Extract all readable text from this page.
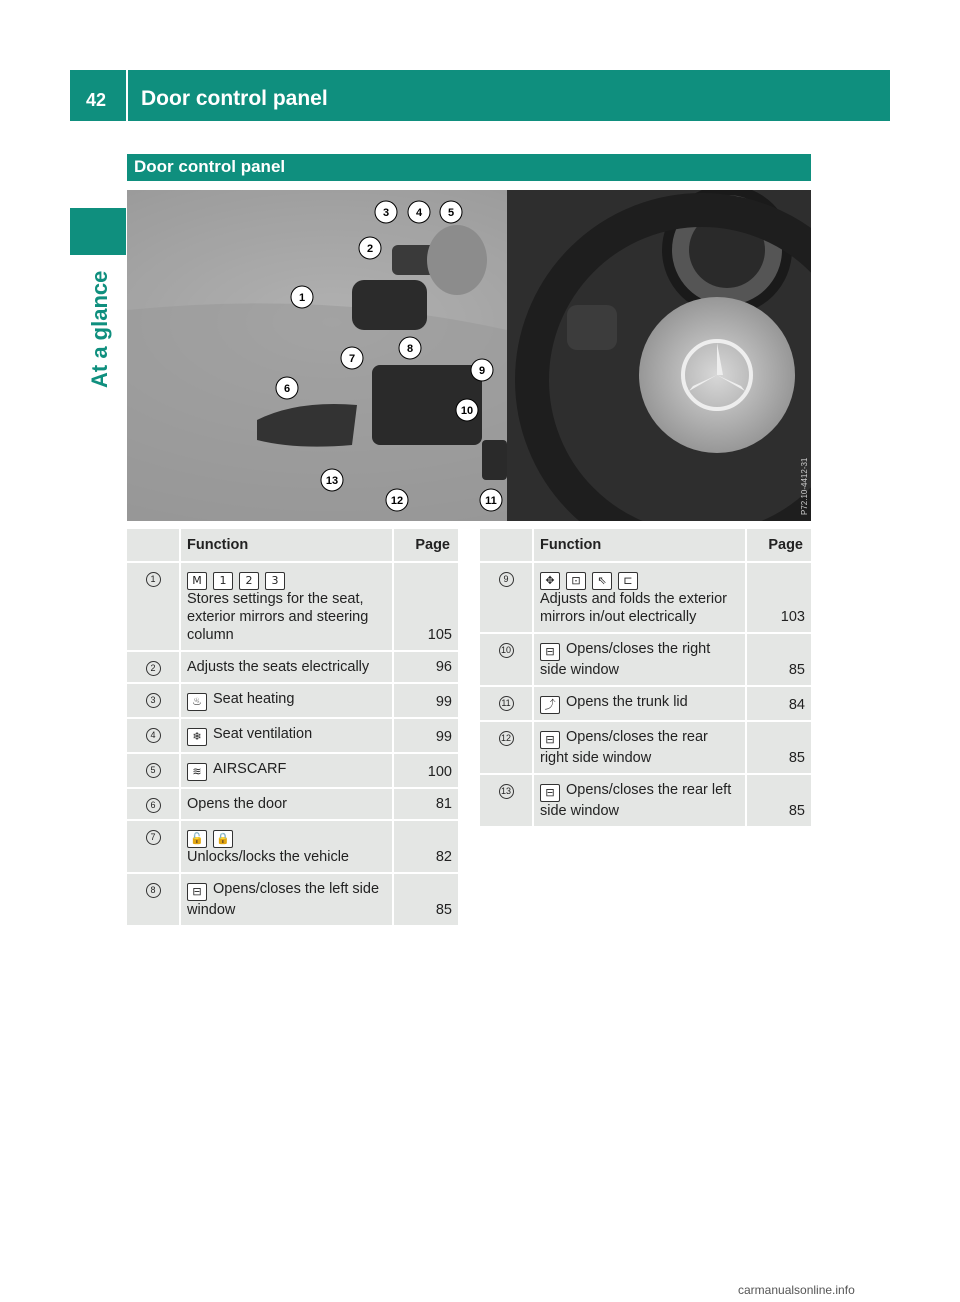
42 Door control panel
At a glance
Door control panel
1
2
3 4 5
6
7
8
9
10
11
12
13	P72.10-4412-31
	Function	Page
1	M 1 2 3
Stores settings for the seat, exterior mirrors and steering column	105
2	Adjusts the seats electrically	96
3	♨ Seat heating	99
4	❄ Seat ventilation	99
5	≋ AIRSCARF	100
6	Opens the door	81
7	🔓 🔒
Unlocks/locks the vehicle	82
8	⊟ Opens/closes the left side window	85
	Function	Page
9	✥ ⊡ ⇖ ⊏
Adjusts and folds the exterior mirrors in/out electrically	103
10	⊟ Opens/closes the right side window	85
11	⤴ Opens the trunk lid	84
12	⊟ Opens/closes the rear right side window	85
13	⊟ Opens/closes the rear left side window	85
carmanualsonline.info
